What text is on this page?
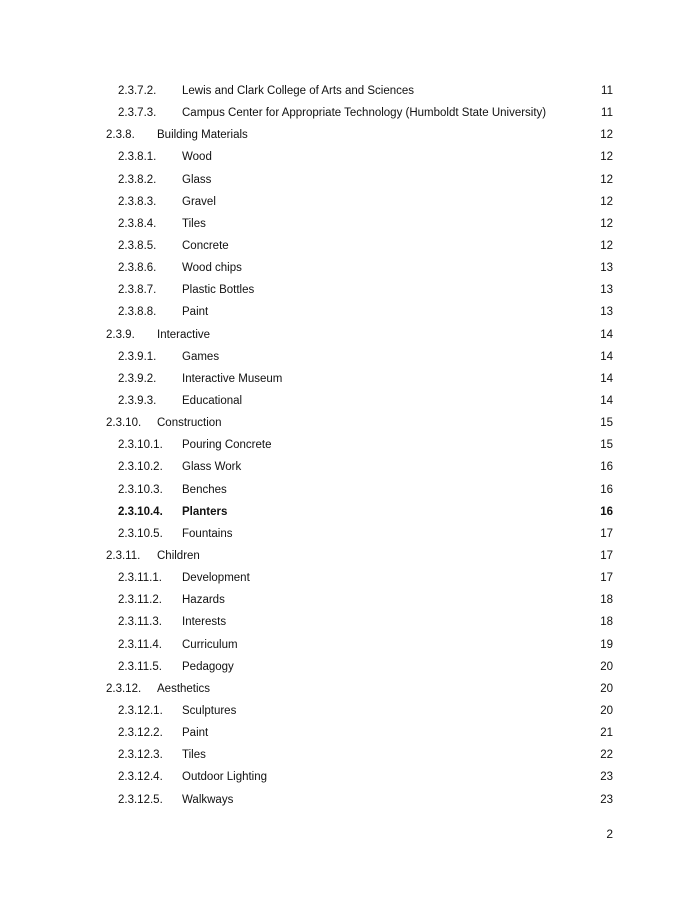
2.3.7.2. Lewis and Clark College of Arts and Sciences	11
2.3.7.3. Campus Center for Appropriate Technology (Humboldt State University)	11
2.3.8. Building Materials	12
2.3.8.1. Wood	12
2.3.8.2. Glass	12
2.3.8.3. Gravel	12
2.3.8.4. Tiles	12
2.3.8.5. Concrete	12
2.3.8.6. Wood chips	13
2.3.8.7. Plastic Bottles	13
2.3.8.8. Paint	13
2.3.9. Interactive	14
2.3.9.1. Games	14
2.3.9.2. Interactive Museum	14
2.3.9.3. Educational	14
2.3.10. Construction	15
2.3.10.1. Pouring Concrete	15
2.3.10.2. Glass Work	16
2.3.10.3. Benches	16
2.3.10.4. Planters	16
2.3.10.5. Fountains	17
2.3.11. Children	17
2.3.11.1. Development	17
2.3.11.2. Hazards	18
2.3.11.3. Interests	18
2.3.11.4. Curriculum	19
2.3.11.5. Pedagogy	20
2.3.12. Aesthetics	20
2.3.12.1. Sculptures	20
2.3.12.2. Paint	21
2.3.12.3. Tiles	22
2.3.12.4. Outdoor Lighting	23
2.3.12.5. Walkways	23
2
